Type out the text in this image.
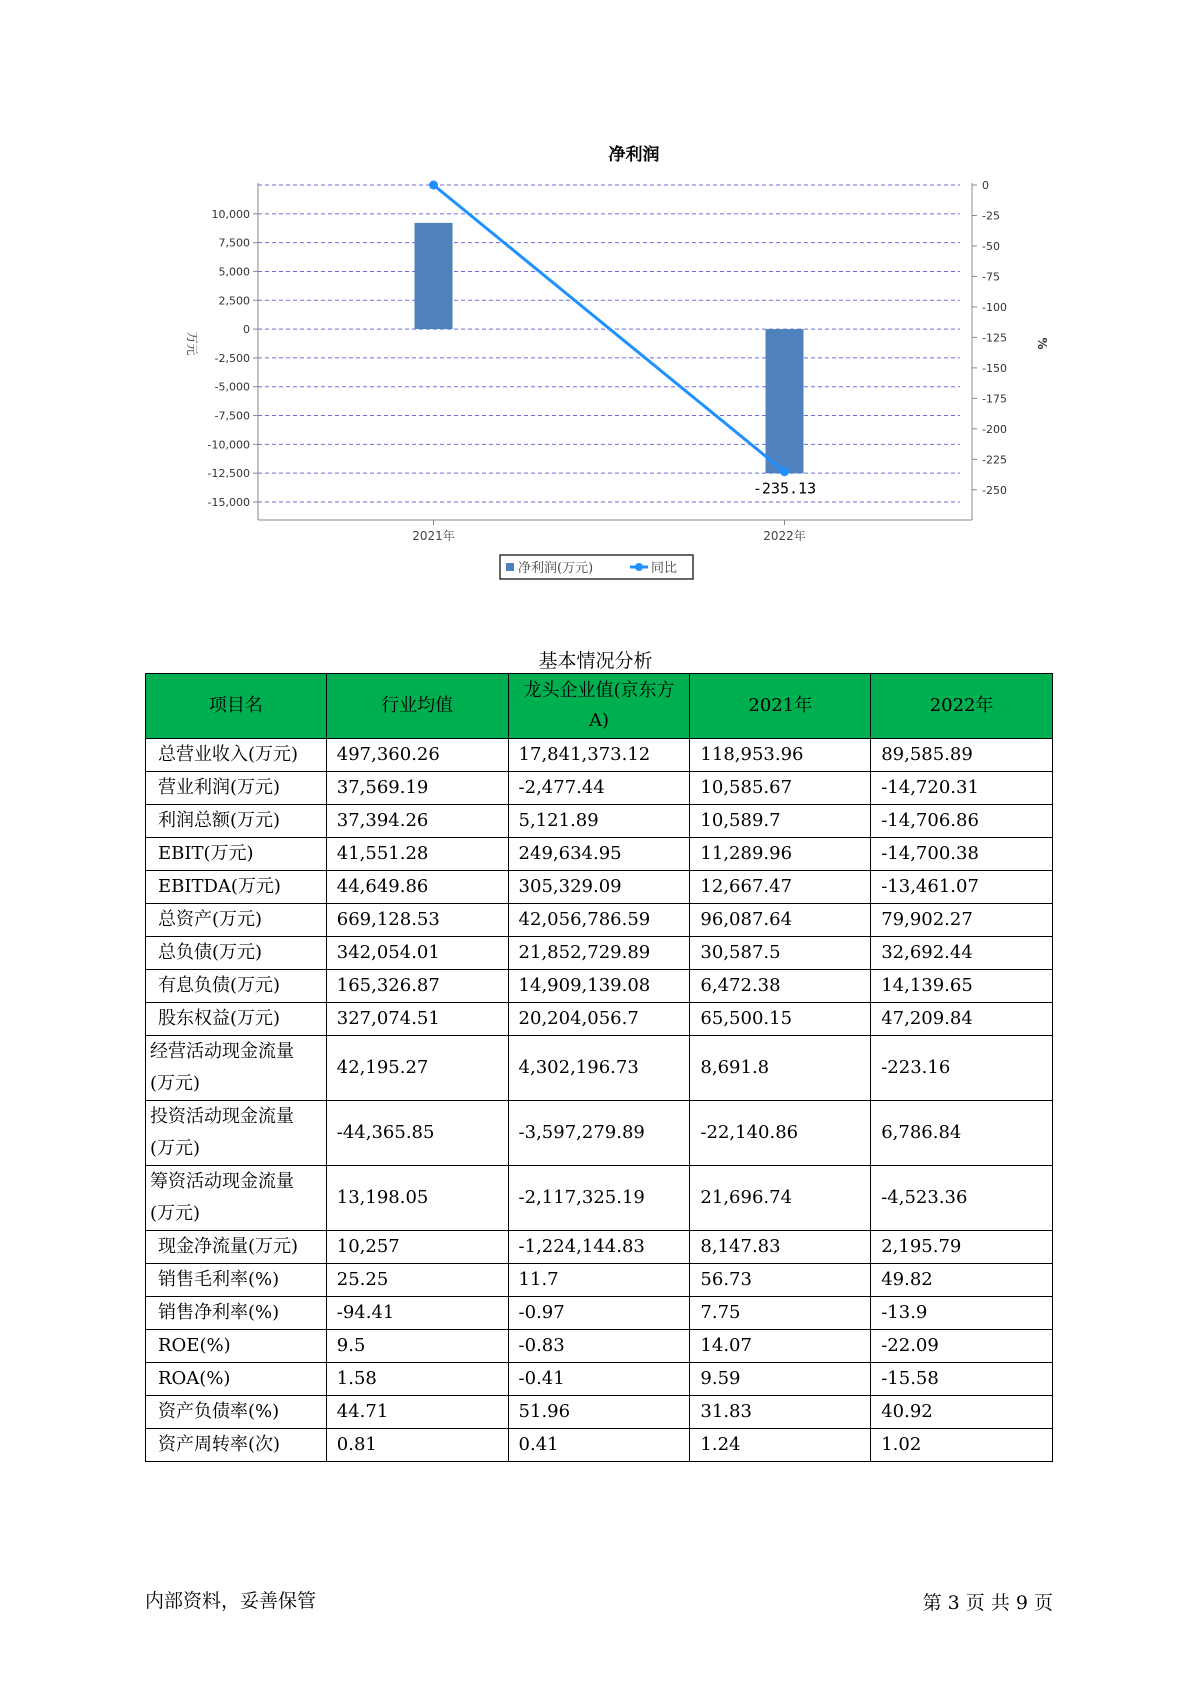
净利润
10,000
7,500
5,000
2,500
0
-2,500
-5,000
-7,500
-10,000
-12,500
-15,000
0
-25
-50
-75
-100
-125
-150
-175
-200
-225
-250
万元	%
2021年	2022年
-235.13
净利润(万元)	同比
基本情况分析
项目名	行业均值	龙头企业值(京东方A)	2021年	2022年
总营业收入(万元)	497,360.26	17,841,373.12	118,953.96	89,585.89
营业利润(万元)	37,569.19	-2,477.44	10,585.67	-14,720.31
利润总额(万元)	37,394.26	5,121.89	10,589.7	-14,706.86
EBIT(万元)	41,551.28	249,634.95	11,289.96	-14,700.38
EBITDA(万元)	44,649.86	305,329.09	12,667.47	-13,461.07
总资产(万元)	669,128.53	42,056,786.59	96,087.64	79,902.27
总负债(万元)	342,054.01	21,852,729.89	30,587.5	32,692.44
有息负债(万元)	165,326.87	14,909,139.08	6,472.38	14,139.65
股东权益(万元)	327,074.51	20,204,056.7	65,500.15	47,209.84
经营活动现金流量(万元)	42,195.27	4,302,196.73	8,691.8	-223.16
投资活动现金流量(万元)	-44,365.85	-3,597,279.89	-22,140.86	6,786.84
筹资活动现金流量(万元)	13,198.05	-2,117,325.19	21,696.74	-4,523.36
现金净流量(万元)	10,257	-1,224,144.83	8,147.83	2,195.79
销售毛利率(%)	25.25	11.7	56.73	49.82
销售净利率(%)	-94.41	-0.97	7.75	-13.9
ROE(%)	9.5	-0.83	14.07	-22.09
ROA(%)	1.58	-0.41	9.59	-15.58
资产负债率(%)	44.71	51.96	31.83	40.92
资产周转率(次)	0.81	0.41	1.24	1.02
内部资料，妥善保管	第 3 页 共 9 页
